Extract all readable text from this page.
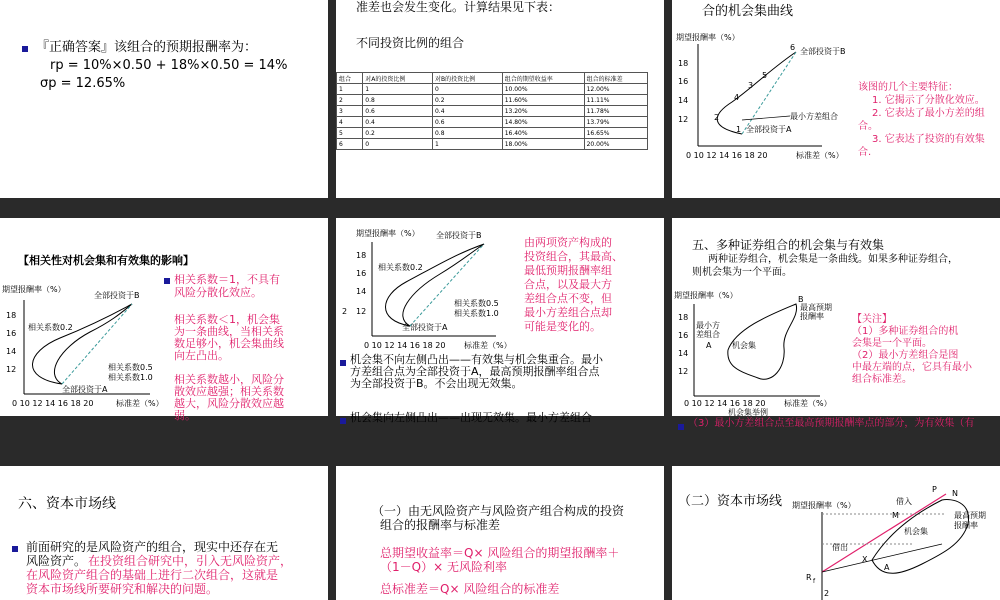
『正确答案』该组合的预期报酬率为：
rp = 10%×0.50 + 18%×0.50 = 14%
σp = 12.65%
准差也会发生变化。计算结果见下表：
不同投资比例的组合
组合	对A的投资比例	对B的投资比例	组合的期望收益率	组合的标准差
1	1	0	10.00%	12.00%
2	0.8	0.2	11.60%	11.11%
3	0.6	0.4	13.20%	11.78%
4	0.4	0.6	14.80%	13.79%
5	0.2	0.8	16.40%	16.65%
6	0	1	18.00%	20.00%
合的机会集曲线
期望报酬率（%）
18
16
14
12	2
1
4
3
5
6 全部投资于B
最小方差组合
全部投资于A
0 10 12 14 16 18 20	标准差（%）
该图的几个主要特征：
1. 它揭示了分散化效应。
2. 它表达了最小方差的组
合。
3. 它表达了投资的有效集
合.
【相关性对机会集和有效集的影响】
期望报酬率（%）
全部投资于B
18
16
14
12
相关系数0.2
相关系数0.5
相关系数1.0
全部投资于A
0 10 12 14 16 18 20	标准差（%）
相关系数＝1，不具有
风险分散化效应。
相关系数＜1，机会集
为一条曲线，当相关系
数足够小，机会集曲线
向左凸出。
相关系数越小，风险分
散效应越强；相关系数
越大，风险分散效应越
弱。
期望报酬率（%） 全部投资于B
18
16
14
12
2
相关系数0.2
相关系数0.5
相关系数1.0
全部投资于A
0 10 12 14 16 18 20 标准差（%）
由两项资产构成的
投资组合，其最高、
最低预期报酬率组
合点，以及最大方
差组合点不变，但
最小方差组合点却
可能是变化的。
机会集不向左侧凸出——有效集与机会集重合。最小
方差组合点为全部投资于A，最高预期报酬率组合点
为全部投资于B。不会出现无效集。
机会集向左侧凸出——出现无效集。最小方差组合
五、多种证券组合的机会集与有效集
两种证券组合，机会集是一条曲线。如果多种证券组合，
则机会集为一个平面。
期望报酬率（%）	B
最高预期
报酬率
18
16
14
12
最小方
差组合
A	机会集
0 10 12 14 16 18 20 标准差（%）
机会集举例
【关注】
（1）多种证券组合的机
会集是一个平面。
（2）最小方差组合是图
中最左端的点，它具有最小
组合标准差。
（3）最小方差组合点至最高预期报酬率点的部分，为有效集（有
六、资本市场线
前面研究的是风险资产的组合，现实中还存在无
风险资产。 在投资组合研究中，引入无风险资产，
在风险资产组合的基础上进行二次组合，这就是
资本市场线所要研究和解决的问题。
（一）由无风险资产与风险资产组合构成的投资
组合的报酬率与标准差
总期望收益率＝Q× 风险组合的期望报酬率＋
（1－Q）× 无风险利率
总标准差＝Q× 风险组合的标准差
（二）资本市场线 期望报酬率（%）
P N
借入
最高预期
报酬率
M
机会集
借出
X
A
R f
2
